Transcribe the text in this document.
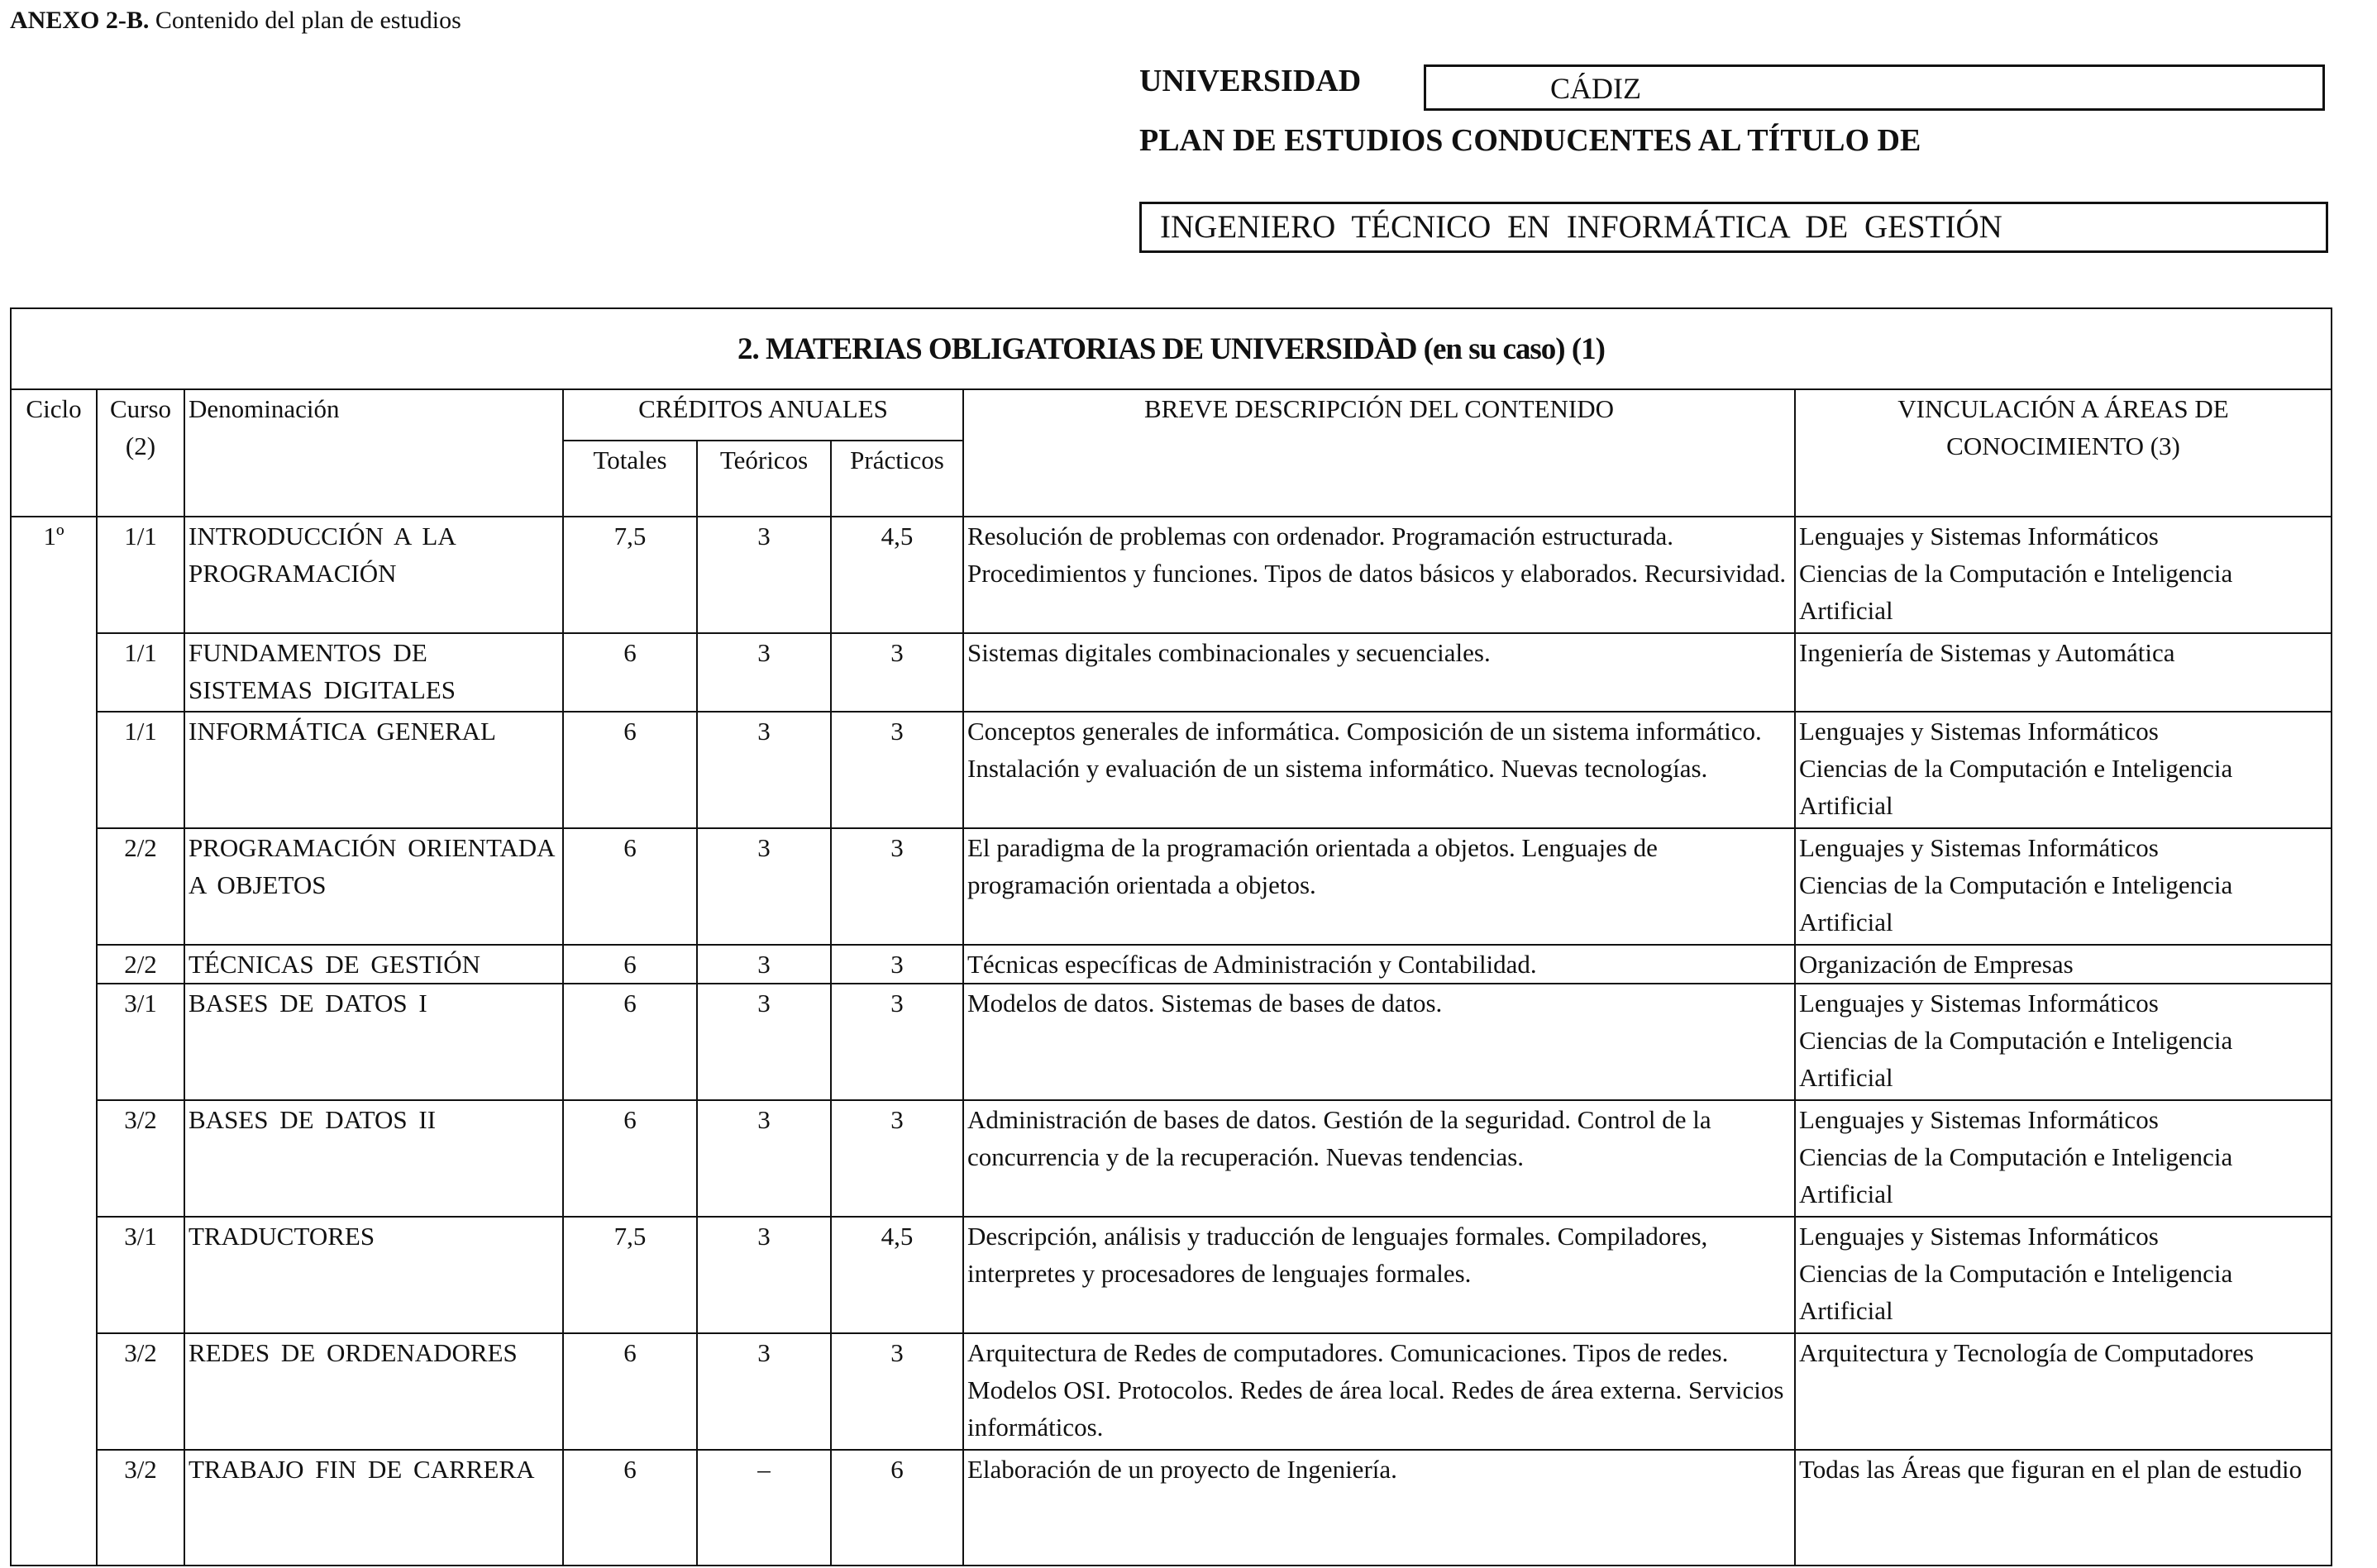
ANEXO 2-B. Contenido del plan de estudios
UNIVERSIDAD	CÁDIZ
PLAN DE ESTUDIOS CONDUCENTES AL TÍTULO DE
INGENIERO TÉCNICO EN INFORMÁTICA DE GESTIÓN
2. MATERIAS OBLIGATORIAS DE UNIVERSIDÀD (en su caso) (1)							
Ciclo	Curso (2)	Denominación	CRÉDITOS ANUALES			BREVE DESCRIPCIÓN DEL CONTENIDO	VINCULACIÓN A ÁREAS DE CONOCIMIENTO (3)
			Totales	Teóricos	Prácticos		
1º	1/1	INTRODUCCIÓN A LA PROGRAMACIÓN	7,5	3	4,5	Resolución de problemas con ordenador. Programación estructurada. Procedimientos y funciones. Tipos de datos básicos y elaborados. Recursividad.	Lenguajes y Sistemas Informáticos
Ciencias de la Computación e Inteligencia Artificial

	1/1	FUNDAMENTOS DE SISTEMAS DIGITALES	6	3	3	Sistemas digitales combinacionales y secuenciales.	Ingeniería de Sistemas y Automática

	1/1	INFORMÁTICA GENERAL	6	3	3	Conceptos generales de informática. Composición de un sistema informático. Instalación y evaluación de un sistema informático. Nuevas tecnologías.	Lenguajes y Sistemas Informáticos
Ciencias de la Computación e Inteligencia Artificial

	2/2	PROGRAMACIÓN ORIENTADA A OBJETOS	6	3	3	El paradigma de la programación orientada a objetos. Lenguajes de programación orientada a objetos.	Lenguajes y Sistemas Informáticos
Ciencias de la Computación e Inteligencia Artificial

	2/2	TÉCNICAS DE GESTIÓN	6	3	3	Técnicas específicas de Administración y Contabilidad.	Organización de Empresas

	3/1	BASES DE DATOS I	6	3	3	Modelos de datos. Sistemas de bases de datos.	Lenguajes y Sistemas Informáticos
Ciencias de la Computación e Inteligencia Artificial

	3/2	BASES DE DATOS II	6	3	3	Administración de bases de datos. Gestión de la seguridad. Control de la concurrencia y de la recuperación. Nuevas tendencias.	Lenguajes y Sistemas Informáticos
Ciencias de la Computación e Inteligencia Artificial

	3/1	TRADUCTORES	7,5	3	4,5	Descripción, análisis y traducción de lenguajes formales. Compiladores, interpretes y procesadores de lenguajes formales.	Lenguajes y Sistemas Informáticos
Ciencias de la Computación e Inteligencia Artificial

	3/2	REDES DE ORDENADORES	6	3	3	Arquitectura de Redes de computadores. Comunicaciones. Tipos de redes. Modelos OSI. Protocolos. Redes de área local. Redes de área externa. Servicios informáticos.	Arquitectura y Tecnología de Computadores

	3/2	TRABAJO FIN DE CARRERA	6	–	6	Elaboración de un proyecto de Ingeniería.	Todas las Áreas que figuran en el plan de estudio
